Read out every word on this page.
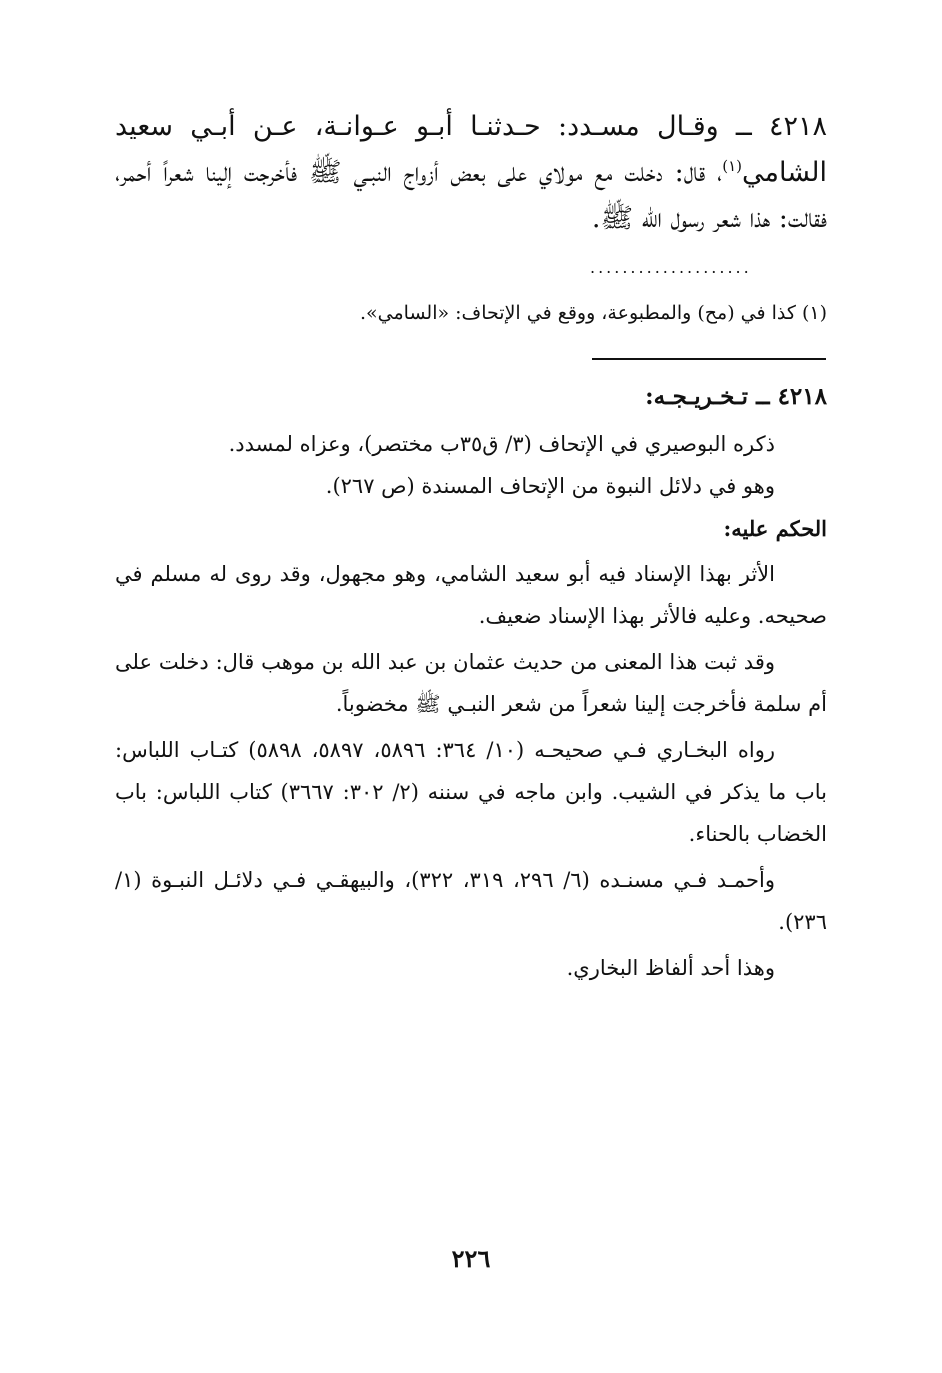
٤٢١٨ ــ وقـال مسـدد: حـدثنـا أبـو عـوانـة، عـن أبـي سعيد الشامي$^{(١)}$، قال: دخلت مع مولاي على بعض أزواج النبـي ﷺ فأخرجت إلينا شعراً أحمر، فقالت: هذا شعر رسول الله ﷺ.
....................
(١) كذا في (مح) والمطبوعة، ووقع في الإتحاف: «السامي».
٤٢١٨ ــ تـخـريـجـه:

ذكره البوصيري في الإتحاف (٣/ ق٣٥ب مختصر)، وعزاه لمسدد.

وهو في دلائل النبوة من الإتحاف المسندة (ص ٢٦٧).

الحكم عليه:

الأثر بهذا الإسناد فيه أبو سعيد الشامي، وهو مجهول، وقد روى له مسلم في صحيحه. وعليه فالأثر بهذا الإسناد ضعيف.

وقد ثبت هذا المعنى من حديث عثمان بن عبد الله بن موهب قال: دخلت على أم سلمة فأخرجت إلينا شعراً من شعر النبـي ﷺ مخضوباً.

رواه البخـاري فـي صحيحـه (١٠/ ٣٦٤: ٥٨٩٦، ٥٨٩٧، ٥٨٩٨) كتـاب اللباس: باب ما يذكر في الشيب. وابن ماجه في سننه (٢/ ٣٠٢: ٣٦٦٧) كتاب اللباس: باب الخضاب بالحناء.

وأحمـد فـي مسنـده (٦/ ٢٩٦، ٣١٩، ٣٢٢)، والبيهقـي فـي دلائـل النبـوة (١/ ٢٣٦).

وهذا أحد ألفاظ البخاري.

٢٢٦
